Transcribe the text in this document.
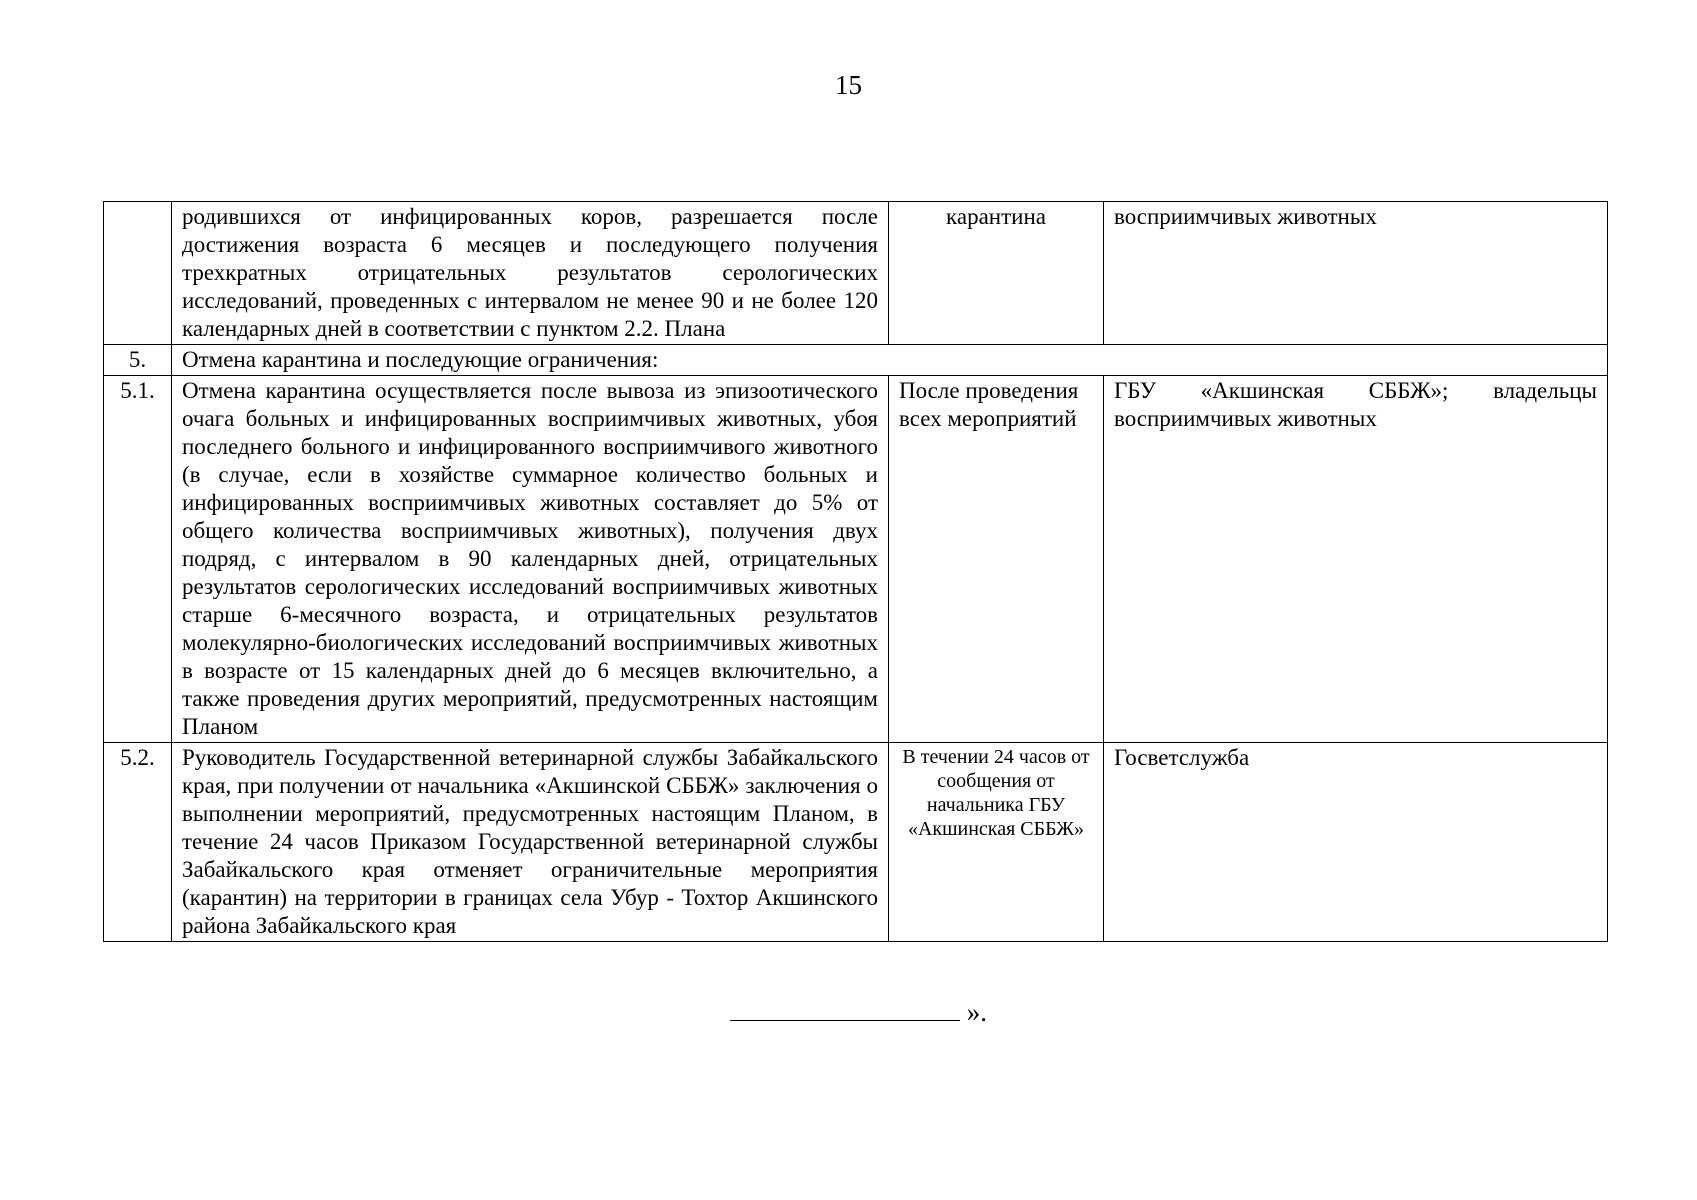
15
	родившихся от инфицированных коров, разрешается после достижения возраста 6 месяцев и последующего получения трехкратных отрицательных результатов серологических исследований, проведенных с интервалом не менее 90 и не более 120 календарных дней в соответствии с пунктом 2.2. Плана	карантина	восприимчивых животных
5.	Отмена карантина и последующие ограничения:		
5.1.	Отмена карантина осуществляется после вывоза из эпизоотического очага больных и инфицированных восприимчивых животных, убоя последнего больного и инфицированного восприимчивого животного (в случае, если в хозяйстве суммарное количество больных и инфицированных восприимчивых животных составляет до 5% от общего количества восприимчивых животных), получения двух подряд, с интервалом в 90 календарных дней, отрицательных результатов серологических исследований восприимчивых животных старше 6-месячного возраста, и отрицательных результатов молекулярно-биологических исследований восприимчивых животных в возрасте от 15 календарных дней до 6 месяцев включительно, а также проведения других мероприятий, предусмотренных настоящим Планом	После проведения всех мероприятий	ГБУ «Акшинская СББЖ»; владельцы восприимчивых животных
5.2.	Руководитель Государственной ветеринарной службы Забайкальского края, при получении от начальника «Акшинской СББЖ» заключения о выполнении мероприятий, предусмотренных настоящим Планом, в течение 24 часов Приказом Государственной ветеринарной службы Забайкальского края отменяет ограничительные мероприятия (карантин) на территории в границах села Убур - Тохтор Акшинского района Забайкальского края	В течении 24 часов от сообщения от начальника ГБУ «Акшинская СББЖ»	Госветслужба
».
